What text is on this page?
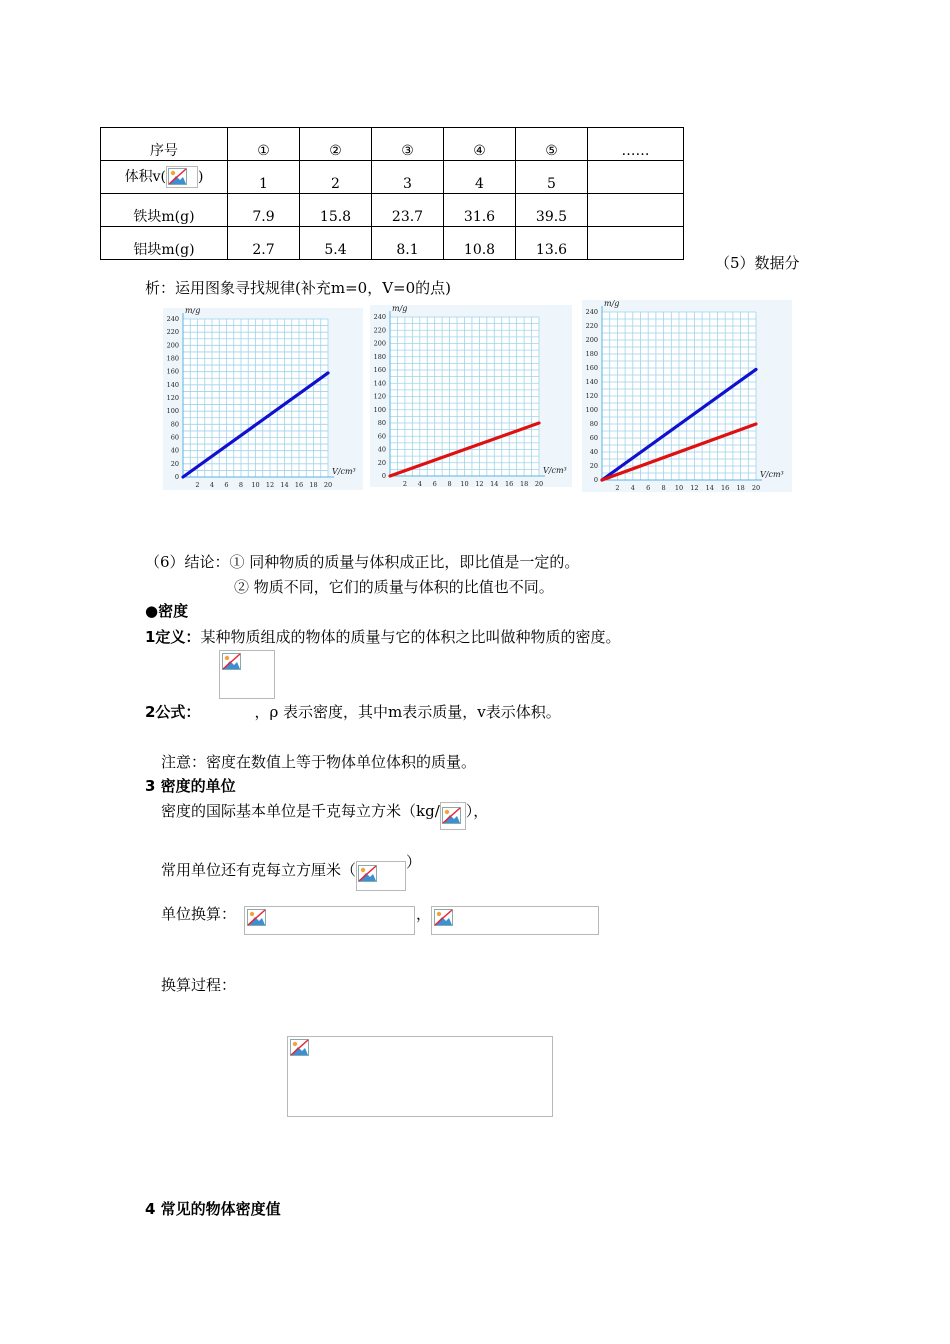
序号	①	②	③	④	⑤	……
体积v( )	1	2	3	4	5	
铁块m(g)	7.9	15.8	23.7	31.6	39.5	
铝块m(g)	2.7	5.4	8.1	10.8	13.6	
（5）数据分
析：运用图象寻找规律(补充m=0，V=0的点)
0
20
40
60
80
100
120
140
160
180
200
220
240
2 4 6 8 10 12 14 16 18 20
m/g
V/cm³	0
20
40
60
80
100
120
140
160
180
200
220
240
2 4 6 8 10 12 14 16 18 20
m/g
V/cm³
0
20
40
60
80
100
120
140
160
180
200
220
240
2 4 6 8 10 12 14 16 18 20
m/g
V/cm³
（6）结论：① 同种物质的质量与体积成正比，即比值是一定的。
② 物质不同，它们的质量与体积的比值也不同。
●密度
1定义：某种物质组成的物体的质量与它的体积之比叫做种物质的密度。
2公式：	，ρ 表示密度，其中m表示质量，v表示体积。
注意：密度在数值上等于物体单位体积的质量。
3 密度的单位
密度的国际基本单位是千克每立方米（kg/ ），
常用单位还有克每立方厘米（	）
单位换算：	，
换算过程：
4 常见的物体密度值
